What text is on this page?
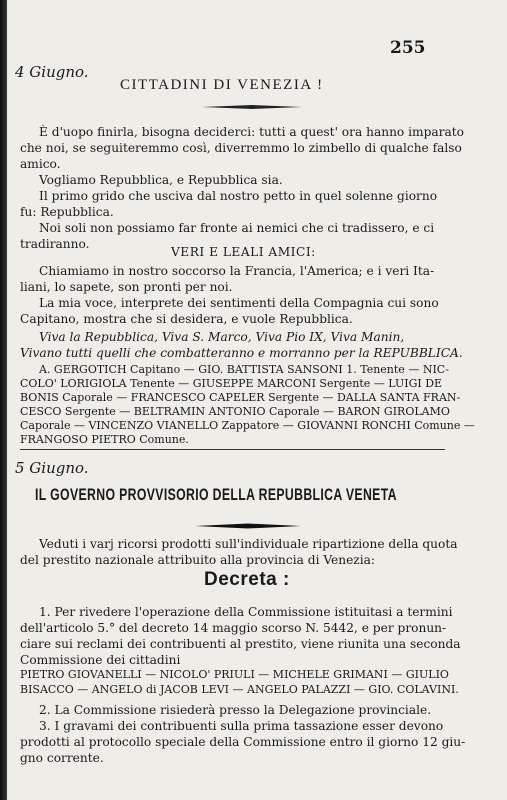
255
4 Giugno.
CITTADINI DI VENEZIA !
È d'uopo finirla, bisogna deciderci: tutti a quest' ora hanno imparato
che noi, se seguiteremmo così, diverremmo lo zimbello di qualche falso
amico.
Vogliamo Repubblica, e Repubblica sia.
Il primo grido che usciva dal nostro petto in quel solenne giorno
fu: Repubblica.
Noi soli non possiamo far fronte ai nemici che ci tradissero, e ci
tradiranno.
VERI E LEALI AMICI:
Chiamiamo in nostro soccorso la Francia, l'America; e i veri Ita-
liani, lo sapete, son pronti per noi.
La mia voce, interprete dei sentimenti della Compagnia cui sono
Capitano, mostra che si desidera, e vuole Repubblica.
Viva la Repubblica, Viva S. Marco, Viva Pio IX, Viva Manin,
Vivano tutti quelli che combatteranno e morranno per la REPUBBLICA.
A. GERGOTICH Capitano — GIO. BATTISTA SANSONI 1. Tenente — NIC-
COLO' LORIGIOLA Tenente — GIUSEPPE MARCONI Sergente — LUIGI DE
BONIS Caporale — FRANCESCO CAPELER Sergente — DALLA SANTA FRAN-
CESCO Sergente — BELTRAMIN ANTONIO Caporale — BARON GIROLAMO
Caporale — VINCENZO VIANELLO Zappatore — GIOVANNI RONCHI Comune —
FRANGOSO PIETRO Comune.
5 Giugno.
IL GOVERNO PROVVISORIO DELLA REPUBBLICA VENETA
Veduti i varj ricorsi prodotti sull'individuale ripartizione della quota
del prestito nazionale attribuito alla provincia di Venezia:
Decreta :
1. Per rivedere l'operazione della Commissione istituitasi a termini
dell'articolo 5.° del decreto 14 maggio scorso N. 5442, e per pronun-
ciare sui reclami dei contribuenti al prestito, viene riunita una seconda
Commissione dei cittadini
PIETRO GIOVANELLI — NICOLO' PRIULI — MICHELE GRIMANI — GIULIO
BISACCO — ANGELO di JACOB LEVI — ANGELO PALAZZI — GIO. COLAVINI.
2. La Commissione risiederà presso la Delegazione provinciale.
3. I gravami dei contribuenti sulla prima tassazione esser devono
prodotti al protocollo speciale della Commissione entro il giorno 12 giu-
gno corrente.
